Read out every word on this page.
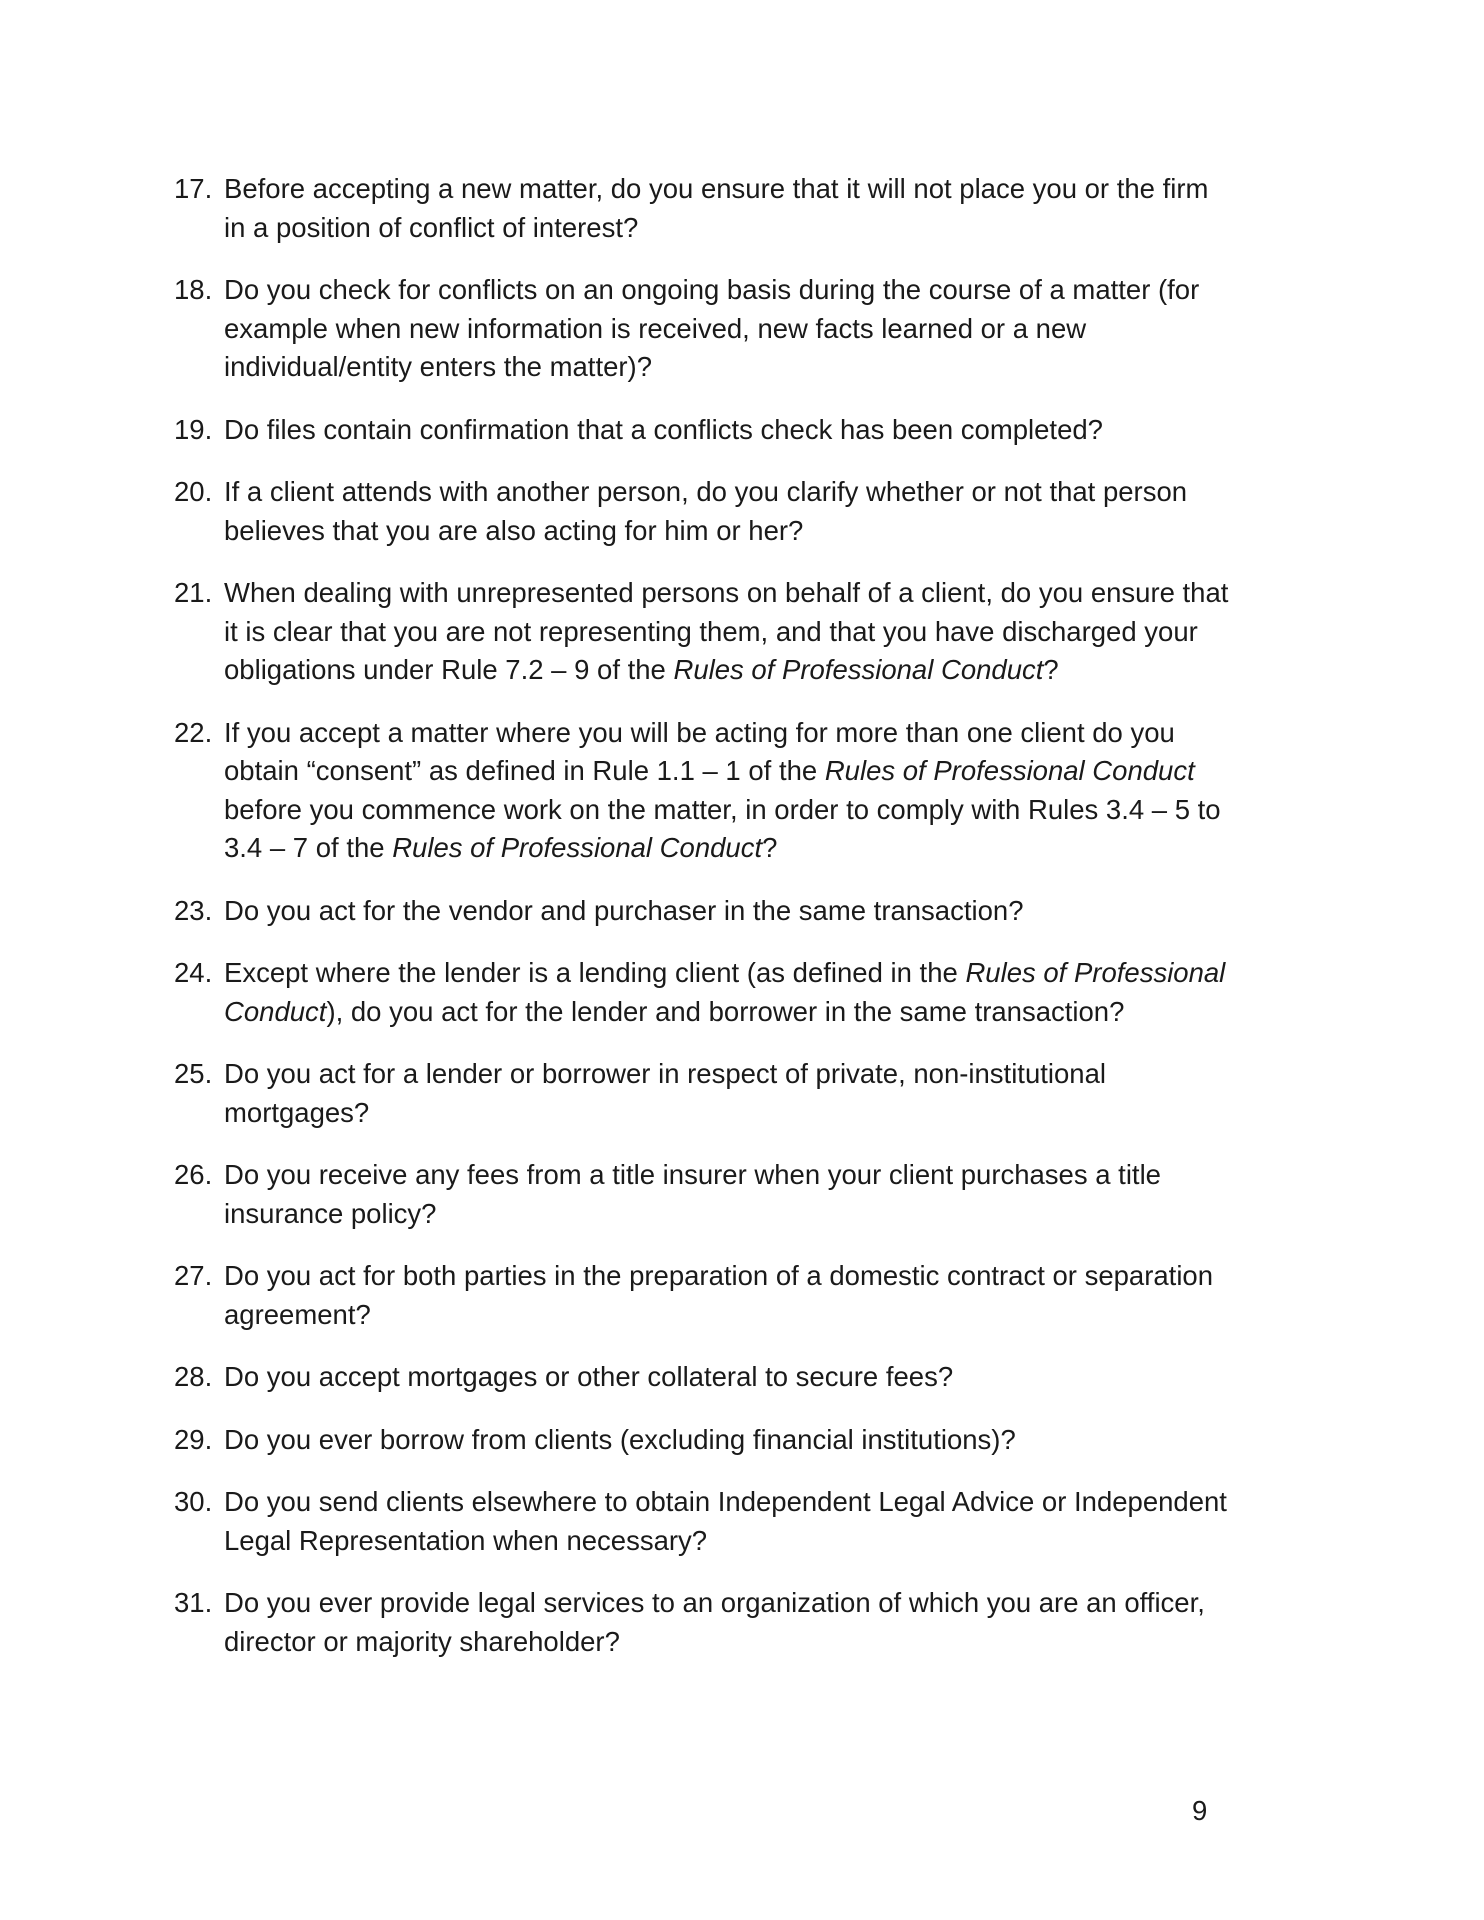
17. Before accepting a new matter, do you ensure that it will not place you or the firm in a position of conflict of interest?
18. Do you check for conflicts on an ongoing basis during the course of a matter (for example when new information is received, new facts learned or a new individual/entity enters the matter)?
19. Do files contain confirmation that a conflicts check has been completed?
20. If a client attends with another person, do you clarify whether or not that person believes that you are also acting for him or her?
21. When dealing with unrepresented persons on behalf of a client, do you ensure that it is clear that you are not representing them, and that you have discharged your obligations under Rule 7.2 – 9 of the Rules of Professional Conduct?
22. If you accept a matter where you will be acting for more than one client do you obtain “consent” as defined in Rule 1.1 – 1 of the Rules of Professional Conduct before you commence work on the matter, in order to comply with Rules 3.4 – 5 to 3.4 – 7 of the Rules of Professional Conduct?
23. Do you act for the vendor and purchaser in the same transaction?
24. Except where the lender is a lending client (as defined in the Rules of Professional Conduct), do you act for the lender and borrower in the same transaction?
25. Do you act for a lender or borrower in respect of private, non-institutional mortgages?
26. Do you receive any fees from a title insurer when your client purchases a title insurance policy?
27. Do you act for both parties in the preparation of a domestic contract or separation agreement?
28. Do you accept mortgages or other collateral to secure fees?
29. Do you ever borrow from clients (excluding financial institutions)?
30. Do you send clients elsewhere to obtain Independent Legal Advice or Independent Legal Representation when necessary?
31. Do you ever provide legal services to an organization of which you are an officer, director or majority shareholder?
9
